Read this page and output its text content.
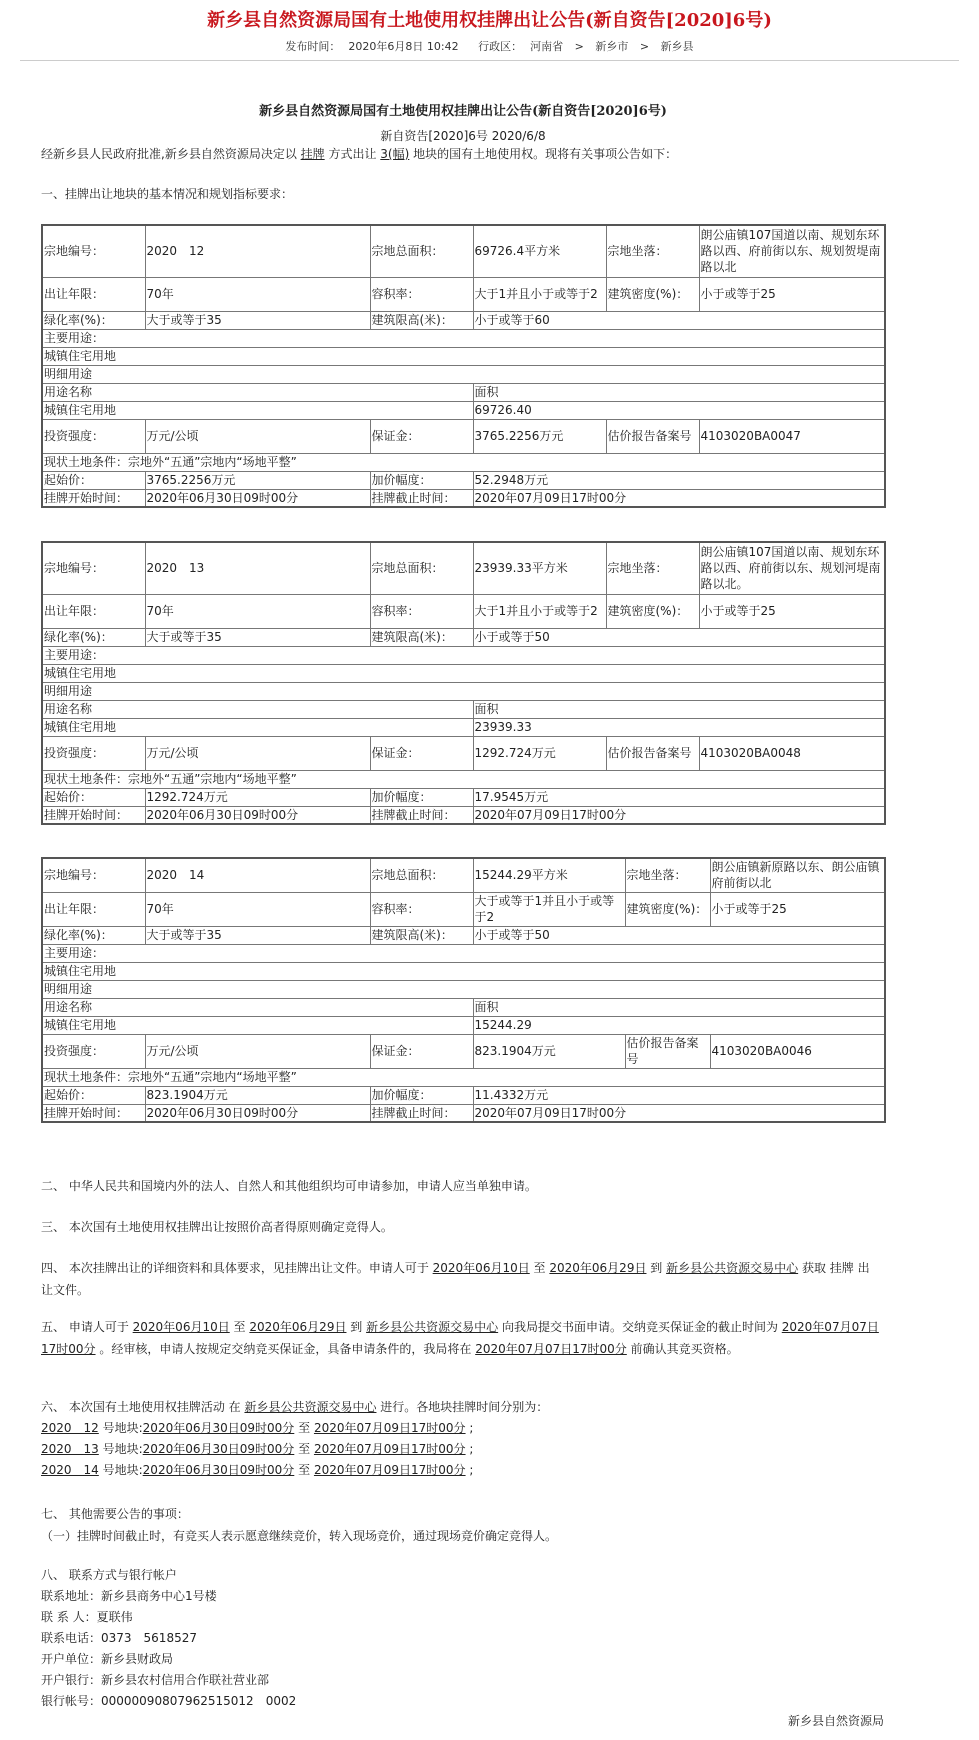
新乡县自然资源局国有土地使用权挂牌出让公告(新自资告[2020]6号)
发布时间： 2020年6月8日 10:42 行政区： 河南省 > 新乡市 > 新乡县
新乡县自然资源局国有土地使用权挂牌出让公告(新自资告[2020]6号)
新自资告[2020]6号 2020/6/8
经新乡县人民政府批准,新乡县自然资源局决定以 挂牌 方式出让 3(幅) 地块的国有土地使用权。现将有关事项公告如下：
一、挂牌出让地块的基本情况和规划指标要求：
宗地编号：	2020　12	宗地总面积：	69726.4平方米	宗地坐落：	朗公庙镇107国道以南、规划东环路以西、府前街以东、规划贺堤南路以北
出让年限：	70年	容积率：	大于1并且小于或等于2	建筑密度(%)：	小于或等于25
绿化率(%)：	大于或等于35	建筑限高(米)：	小于或等于60		
主要用途：					
城镇住宅用地					
明细用途					
用途名称			面积		
城镇住宅用地			69726.40		
投资强度：	万元/公顷	保证金：	3765.2256万元	估价报告备案号	4103020BA0047
现状土地条件：宗地外“五通”宗地内“场地平整”					
起始价：	3765.2256万元	加价幅度：	52.2948万元		
挂牌开始时间：	2020年06月30日09时00分	挂牌截止时间：	2020年07月09日17时00分		
宗地编号：	2020　13	宗地总面积：	23939.33平方米	宗地坐落：	朗公庙镇107国道以南、规划东环路以西、府前街以东、规划河堤南路以北。
出让年限：	70年	容积率：	大于1并且小于或等于2	建筑密度(%)：	小于或等于25
绿化率(%)：	大于或等于35	建筑限高(米)：	小于或等于50		
主要用途：					
城镇住宅用地					
明细用途					
用途名称			面积		
城镇住宅用地			23939.33		
投资强度：	万元/公顷	保证金：	1292.724万元	估价报告备案号	4103020BA0048
现状土地条件：宗地外“五通”宗地内“场地平整”					
起始价：	1292.724万元	加价幅度：	17.9545万元		
挂牌开始时间：	2020年06月30日09时00分	挂牌截止时间：	2020年07月09日17时00分		
宗地编号：	2020　14	宗地总面积：	15244.29平方米	宗地坐落：	朗公庙镇新原路以东、朗公庙镇府前街以北
出让年限：	70年	容积率：	大于或等于1并且小于或等于2	建筑密度(%)：	小于或等于25
绿化率(%)：	大于或等于35	建筑限高(米)：	小于或等于50		
主要用途：					
城镇住宅用地					
明细用途					
用途名称			面积		
城镇住宅用地			15244.29		
投资强度：	万元/公顷	保证金：	823.1904万元	估价报告备案号	4103020BA0046
现状土地条件：宗地外“五通”宗地内“场地平整”					
起始价：	823.1904万元	加价幅度：	11.4332万元		
挂牌开始时间：	2020年06月30日09时00分	挂牌截止时间：	2020年07月09日17时00分		
二、 中华人民共和国境内外的法人、自然人和其他组织均可申请参加，申请人应当单独申请。
三、 本次国有土地使用权挂牌出让按照价高者得原则确定竞得人。
四、 本次挂牌出让的详细资料和具体要求，见挂牌出让文件。申请人可于 2020年06月10日 至 2020年06月29日 到 新乡县公共资源交易中心 获取 挂牌 出让文件。
五、 申请人可于 2020年06月10日 至 2020年06月29日 到 新乡县公共资源交易中心 向我局提交书面申请。交纳竞买保证金的截止时间为 2020年07月07日17时00分 。经审核，申请人按规定交纳竞买保证金，具备申请条件的，我局将在 2020年07月07日17时00分 前确认其竞买资格。
六、 本次国有土地使用权挂牌活动 在 新乡县公共资源交易中心 进行。各地块挂牌时间分别为：
2020　12 号地块:2020年06月30日09时00分 至 2020年07月09日17时00分 ;
2020　13 号地块:2020年06月30日09时00分 至 2020年07月09日17时00分 ;
2020　14 号地块:2020年06月30日09时00分 至 2020年07月09日17时00分 ;
七、 其他需要公告的事项：
（一）挂牌时间截止时，有竞买人表示愿意继续竞价，转入现场竞价，通过现场竞价确定竞得人。
八、 联系方式与银行帐户
联系地址：新乡县商务中心1号楼
联 系 人：夏联伟
联系电话：0373　5618527
开户单位：新乡县财政局
开户银行：新乡县农村信用合作联社营业部
银行帐号：00000090807962515012　0002
新乡县自然资源局
